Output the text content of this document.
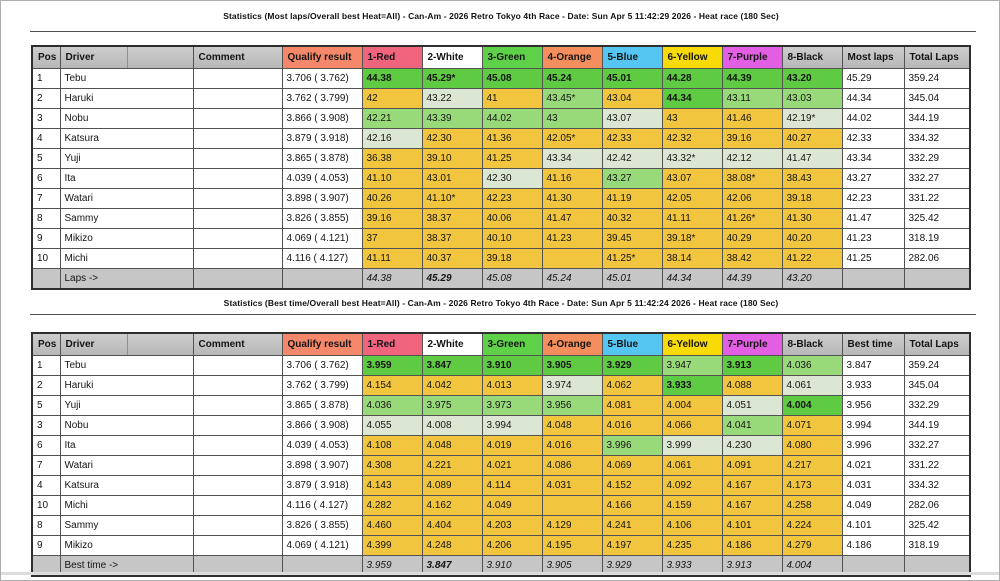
Statistics (Most laps/Overall best Heat=All) - Can-Am - 2026 Retro Tokyo 4th Race - Date: Sun Apr 5 11:42:29 2026 - Heat race (180 Sec)
Pos	Driver	Comment	Qualify result	1-Red	2-White	3-Green	4-Orange	5-Blue	6-Yellow	7-Purple	8-Black	Most laps	Total Laps
1	Tebu		3.706 ( 3.762)	44.38	45.29*	45.08	45.24	45.01	44.28	44.39	43.20	45.29	359.24
2	Haruki		3.762 ( 3.799)	42	43.22	41	43.45*	43.04	44.34	43.11	43.03	44.34	345.04
3	Nobu		3.866 ( 3.908)	42.21	43.39	44.02	43	43.07	43	41.46	42.19*	44.02	344.19
4	Katsura		3.879 ( 3.918)	42.16	42.30	41.36	42.05*	42.33	42.32	39.16	40.27	42.33	334.32
5	Yuji		3.865 ( 3.878)	36.38	39.10	41.25	43.34	42.42	43.32*	42.12	41.47	43.34	332.29
6	Ita		4.039 ( 4.053)	41.10	43.01	42.30	41.16	43.27	43.07	38.08*	38.43	43.27	332.27
7	Watari		3.898 ( 3.907)	40.26	41.10*	42.23	41.30	41.19	42.05	42.06	39.18	42.23	331.22
8	Sammy		3.826 ( 3.855)	39.16	38.37	40.06	41.47	40.32	41.11	41.26*	41.30	41.47	325.42
9	Mikizo		4.069 ( 4.121)	37	38.37	40.10	41.23	39.45	39.18*	40.29	40.20	41.23	318.19
10	Michi		4.116 ( 4.127)	41.11	40.37	39.18		41.25*	38.14	38.42	41.22	41.25	282.06
	Laps ->			44.38	45.29	45.08	45.24	45.01	44.34	44.39	43.20		
Statistics (Best time/Overall best Heat=All) - Can-Am - 2026 Retro Tokyo 4th Race - Date: Sun Apr 5 11:42:24 2026 - Heat race (180 Sec)
Pos	Driver	Comment	Qualify result	1-Red	2-White	3-Green	4-Orange	5-Blue	6-Yellow	7-Purple	8-Black	Best time	Total Laps
1	Tebu		3.706 ( 3.762)	3.959	3.847	3.910	3.905	3.929	3.947	3.913	4.036	3.847	359.24
2	Haruki		3.762 ( 3.799)	4.154	4.042	4.013	3.974	4.062	3.933	4.088	4.061	3.933	345.04
5	Yuji		3.865 ( 3.878)	4.036	3.975	3.973	3.956	4.081	4.004	4.051	4.004	3.956	332.29
3	Nobu		3.866 ( 3.908)	4.055	4.008	3.994	4.048	4.016	4.066	4.041	4.071	3.994	344.19
6	Ita		4.039 ( 4.053)	4.108	4.048	4.019	4.016	3.996	3.999	4.230	4.080	3.996	332.27
7	Watari		3.898 ( 3.907)	4.308	4.221	4.021	4.086	4.069	4.061	4.091	4.217	4.021	331.22
4	Katsura		3.879 ( 3.918)	4.143	4.089	4.114	4.031	4.152	4.092	4.167	4.173	4.031	334.32
10	Michi		4.116 ( 4.127)	4.282	4.162	4.049		4.166	4.159	4.167	4.258	4.049	282.06
8	Sammy		3.826 ( 3.855)	4.460	4.404	4.203	4.129	4.241	4.106	4.101	4.224	4.101	325.42
9	Mikizo		4.069 ( 4.121)	4.399	4.248	4.206	4.195	4.197	4.235	4.186	4.279	4.186	318.19
	Best time ->			3.959	3.847	3.910	3.905	3.929	3.933	3.913	4.004		
